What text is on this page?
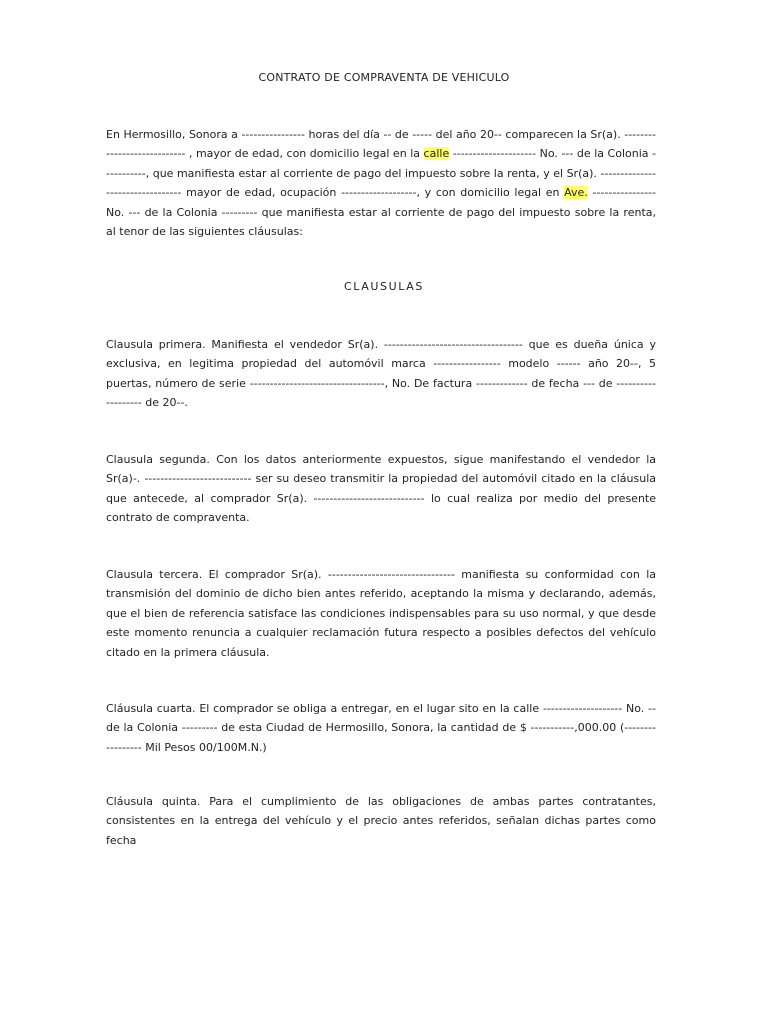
CONTRATO DE COMPRAVENTA DE VEHICULO

En Hermosillo, Sonora a ---------------- horas del día -- de ----- del año 20-- comparecen la Sr(a). ---------------------------- , mayor de edad, con domicilio legal en la calle --------------------- No. --- de la Colonia -----------, que manifiesta estar al corriente de pago del impuesto sobre la renta, y el Sr(a). --------------------------------- mayor de edad, ocupación -------------------, y con domicilio legal en Ave. ---------------- No. --- de la Colonia --------- que manifiesta estar al corriente de pago del impuesto sobre la renta, al tenor de las siguientes cláusulas:

CLAUSULAS

Clausula primera. Manifiesta el vendedor Sr(a). ----------------------------------- que es dueña única y exclusiva, en legitima propiedad del automóvil marca ----------------- modelo ------ año 20--, 5 puertas, número de serie ----------------------------------, No. De factura ------------- de fecha --- de ------------------- de 20--.

Clausula segunda. Con los datos anteriormente expuestos, sigue manifestando el vendedor la Sr(a)-. --------------------------- ser su deseo transmitir la propiedad del automóvil citado en la cláusula que antecede, al comprador Sr(a). ---------------------------- lo cual realiza por medio del presente contrato de compraventa.

Clausula tercera. El comprador Sr(a). -------------------------------- manifiesta su conformidad con la transmisión del dominio de dicho bien antes referido, aceptando la misma y declarando, además, que el bien de referencia satisface las condiciones indispensables para su uso normal, y que desde este momento renuncia a cualquier reclamación futura respecto a posibles defectos del vehículo citado en la primera cláusula.

Cláusula cuarta. El comprador se obliga a entregar, en el lugar sito en la calle -------------------- No. -- de la Colonia --------- de esta Ciudad de Hermosillo, Sonora, la cantidad de $ -----------,000.00 (----------------- Mil Pesos 00/100M.N.)

Cláusula quinta. Para el cumplimiento de las obligaciones de ambas partes contratantes, consistentes en la entrega del vehículo y el precio antes referidos, señalan dichas partes como fecha
